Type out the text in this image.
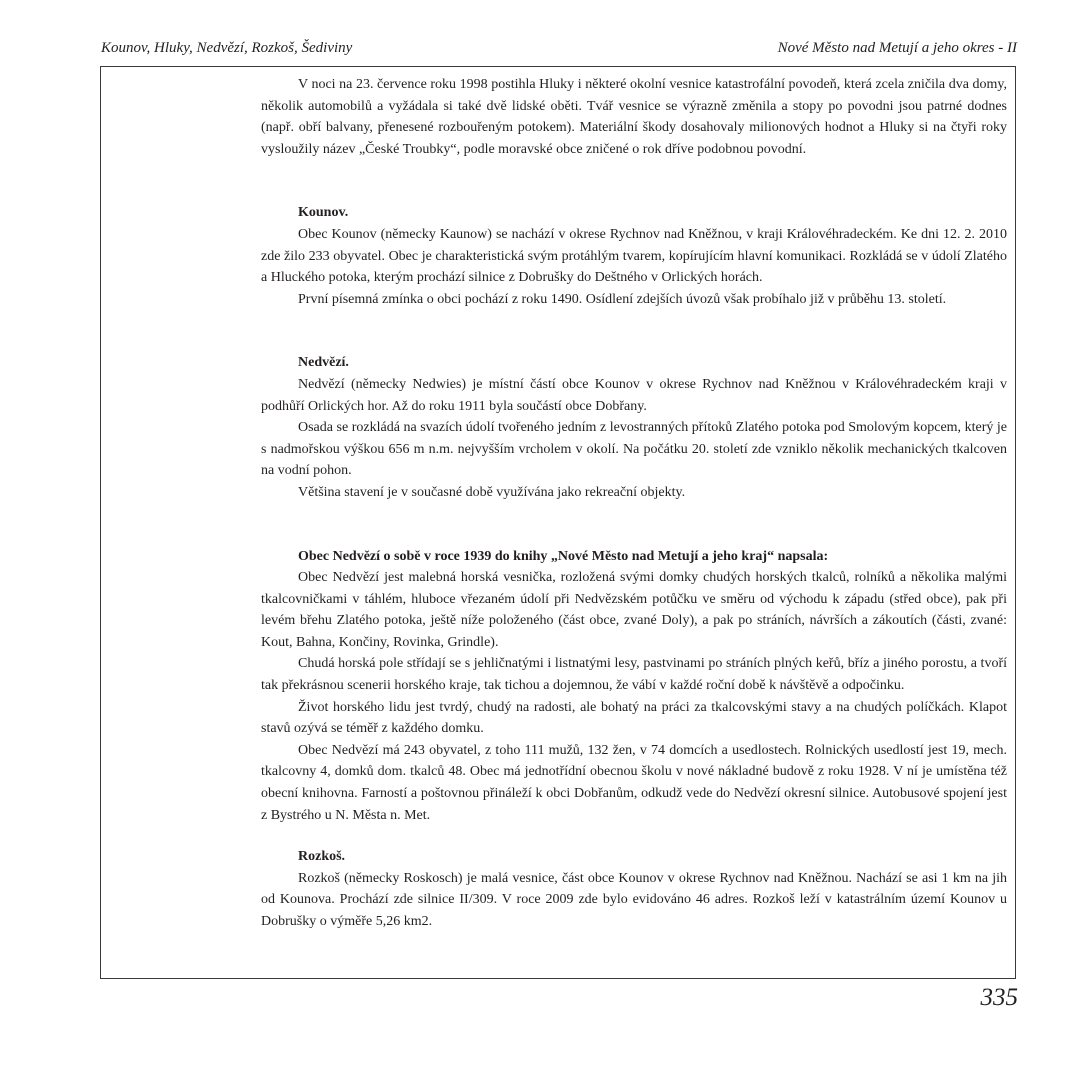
Kounov, Hluky, Nedvězí, Rozkoš, Šediviny	Nové Město nad Metují a jeho okres - II

V noci na 23. července roku 1998 postihla Hluky i některé okolní vesnice katastrofální povodeň, která zcela zničila dva domy, několik automobilů a vyžádala si také dvě lidské oběti. Tvář vesnice se výrazně změnila a stopy po povodni jsou patrné dodnes (např. obří balvany, přenesené rozbouřeným potokem). Materiální škody dosahovaly milionových hodnot a Hluky si na čtyři roky vysloužily název „České Troubky“, podle moravské obce zničené o rok dříve podobnou povodní.

Kounov.

Obec Kounov (německy Kaunow) se nachází v okrese Rychnov nad Kněžnou, v kraji Královéhradeckém. Ke dni 12. 2. 2010 zde žilo 233 obyvatel. Obec je charakteristická svým protáhlým tvarem, kopírujícím hlavní komunikaci. Rozkládá se v údolí Zlatého a Hluckého potoka, kterým prochází silnice z Dobrušky do Deštného v Orlických horách.

První písemná zmínka o obci pochází z roku 1490. Osídlení zdejších úvozů však probíhalo již v průběhu 13. století.

Nedvězí.

Nedvězí (německy Nedwies) je místní částí obce Kounov v okrese Rychnov nad Kněžnou v Královéhradeckém kraji v podhůří Orlických hor. Až do roku 1911 byla součástí obce Dobřany.

Osada se rozkládá na svazích údolí tvořeného jedním z levostranných přítoků Zlatého potoka pod Smolovým kopcem, který je s nadmořskou výškou 656 m n.m. nejvyšším vrcholem v okolí. Na počátku 20. století zde vzniklo několik mechanických tkalcoven na vodní pohon.

Většina stavení je v současné době využívána jako rekreační objekty.

Obec Nedvězí o sobě v roce 1939 do knihy „Nové Město nad Metují a jeho kraj“ napsala:

Obec Nedvězí jest malebná horská vesnička, rozložená svými domky chudých horských tkalců, rolníků a několika malými tkalcovničkami v táhlém, hluboce vřezaném údolí při Nedvězském potůčku ve směru od východu k západu (střed obce), pak při levém břehu Zlatého potoka, ještě níže položeného (část obce, zvané Doly), a pak po stráních, návrších a zákoutích (části, zvané: Kout, Bahna, Končiny, Rovinka, Grindle).

Chudá horská pole střídají se s jehličnatými i listnatými lesy, pastvinami po stráních plných keřů, bříz a jiného porostu, a tvoří tak překrásnou scenerii horského kraje, tak tichou a dojemnou, že vábí v každé roční době k návštěvě a odpočinku.

Život horského lidu jest tvrdý, chudý na radosti, ale bohatý na práci za tkalcovskými stavy a na chudých políčkách. Klapot stavů ozývá se téměř z každého domku.

Obec Nedvězí má 243 obyvatel, z toho 111 mužů, 132 žen, v 74 domcích a usedlostech. Rolnických usedlostí jest 19, mech. tkalcovny 4, domků dom. tkalců 48. Obec má jednotřídní obecnou školu v nové nákladné budově z roku 1928. V ní je umístěna též obecní knihovna. Farností a poštovnou přináleží k obci Dobřanům, odkudž vede do Nedvězí okresní silnice. Autobusové spojení jest z Bystrého u N. Města n. Met.

Rozkoš.

Rozkoš (německy Roskosch) je malá vesnice, část obce Kounov v okrese Rychnov nad Kněžnou. Nachází se asi 1 km na jih od Kounova. Prochází zde silnice II/309. V roce 2009 zde bylo evidováno 46 adres. Rozkoš leží v katastrálním území Kounov u Dobrušky o výměře 5,26 km2.

335
